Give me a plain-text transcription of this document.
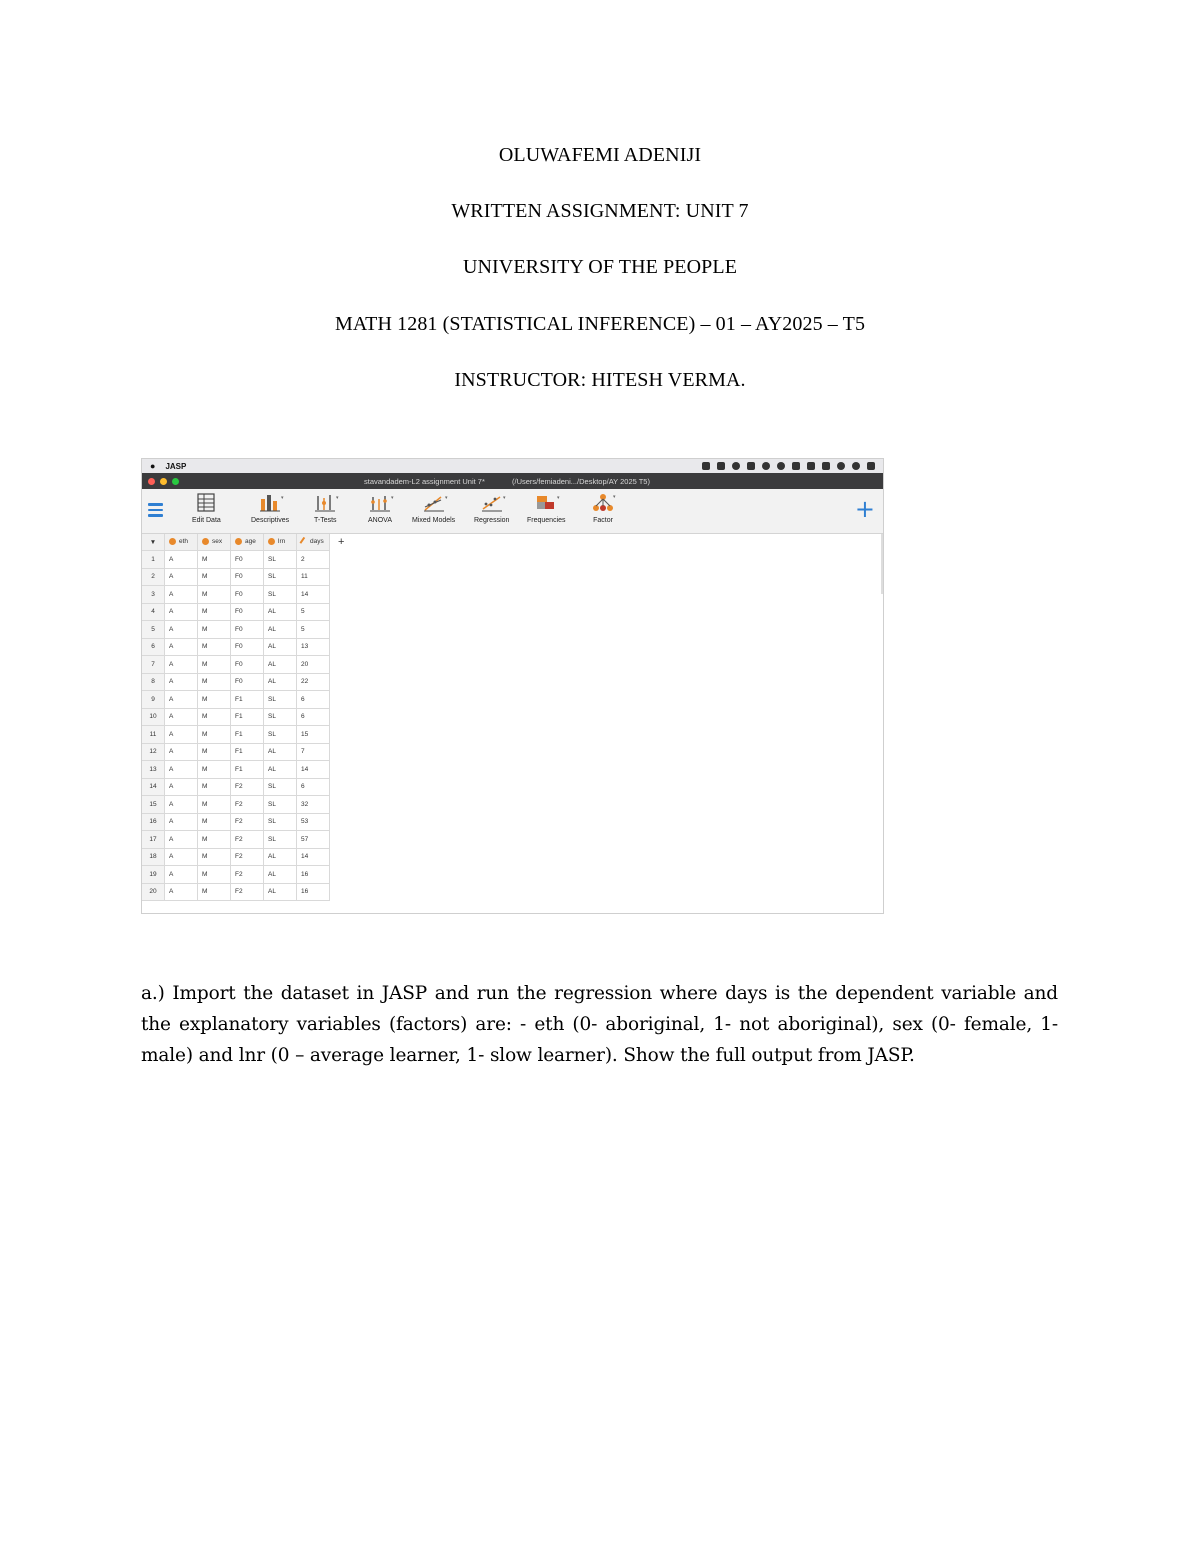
OLUWAFEMI ADENIJI
WRITTEN ASSIGNMENT: UNIT 7
UNIVERSITY OF THE PEOPLE
MATH 1281 (STATISTICAL INFERENCE) – 01 – AY2025 – T5
INSTRUCTOR: HITESH VERMA.
● JASP
stavandadem-L2 assignment Unit 7*	(/Users/femiadeni.../Desktop/AY 2025 T5)
Edit Data
▾
Descriptives
▾
T-Tests
▾
ANOVA
▾
Mixed Models
▾
Regression
▾
Frequencies
▾
Factor	+
▼	eth	sex	age	lrn	days	+
1	A	M	F0	SL	2	
2	A	M	F0	SL	11	
3	A	M	F0	SL	14	
4	A	M	F0	AL	5	
5	A	M	F0	AL	5	
6	A	M	F0	AL	13	
7	A	M	F0	AL	20	
8	A	M	F0	AL	22	
9	A	M	F1	SL	6	
10	A	M	F1	SL	6	
11	A	M	F1	SL	15	
12	A	M	F1	AL	7	
13	A	M	F1	AL	14	
14	A	M	F2	SL	6	
15	A	M	F2	SL	32	
16	A	M	F2	SL	53	
17	A	M	F2	SL	57	
18	A	M	F2	AL	14	
19	A	M	F2	AL	16	
20	A	M	F2	AL	16	
a.) Import the dataset in JASP and run the regression where days is the dependent variable and the explanatory variables (factors) are: - eth (0- aboriginal, 1- not aboriginal), sex (0- female, 1- male) and lnr (0 – average learner, 1- slow learner). Show the full output from JASP.
